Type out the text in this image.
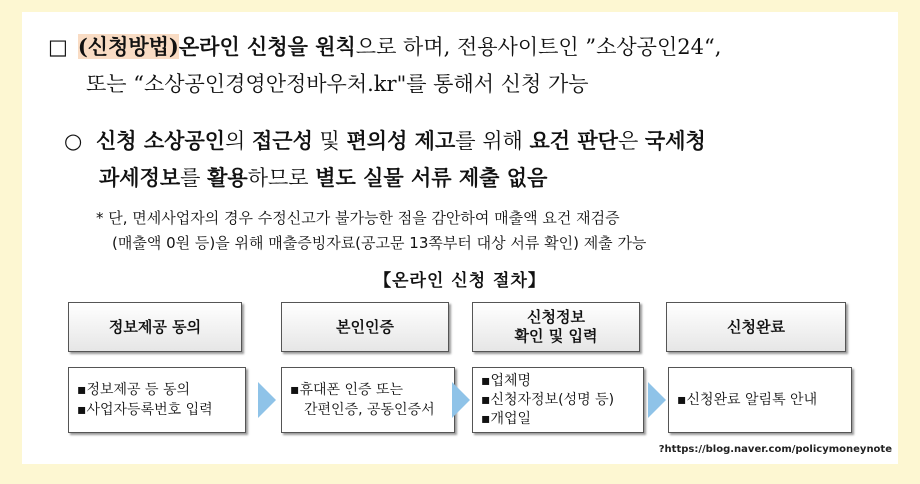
□ (신청방법)온라인 신청을 원칙으로 하며, 전용사이트인 ”소상공인24“,
또는 “소상공인경영안정바우처.kr"를 통해서 신청 가능
○ 신청 소상공인의 접근성 및 편의성 제고를 위해 요건 판단은 국세청
과세정보를 활용하므로 별도 실물 서류 제출 없음
* 단, 면세사업자의 경우 수정신고가 불가능한 점을 감안하여 매출액 요건 재검증
(매출액 0원 등)을 위해 매출증빙자료(공고문 13쪽부터 대상 서류 확인) 제출 가능
【온라인 신청 절차】
정보제공 동의	본인인증
신청정보
확인 및 입력
신청완료
▪정보제공 등 동의
▪사업자등록번호 입력
▪휴대폰 인증 또는
간편인증, 공동인증서
▪업체명
▪신청자정보(성명 등)
▪개업일
▪신청완료 알림톡 안내
?https://blog.naver.com/policymoneynote
